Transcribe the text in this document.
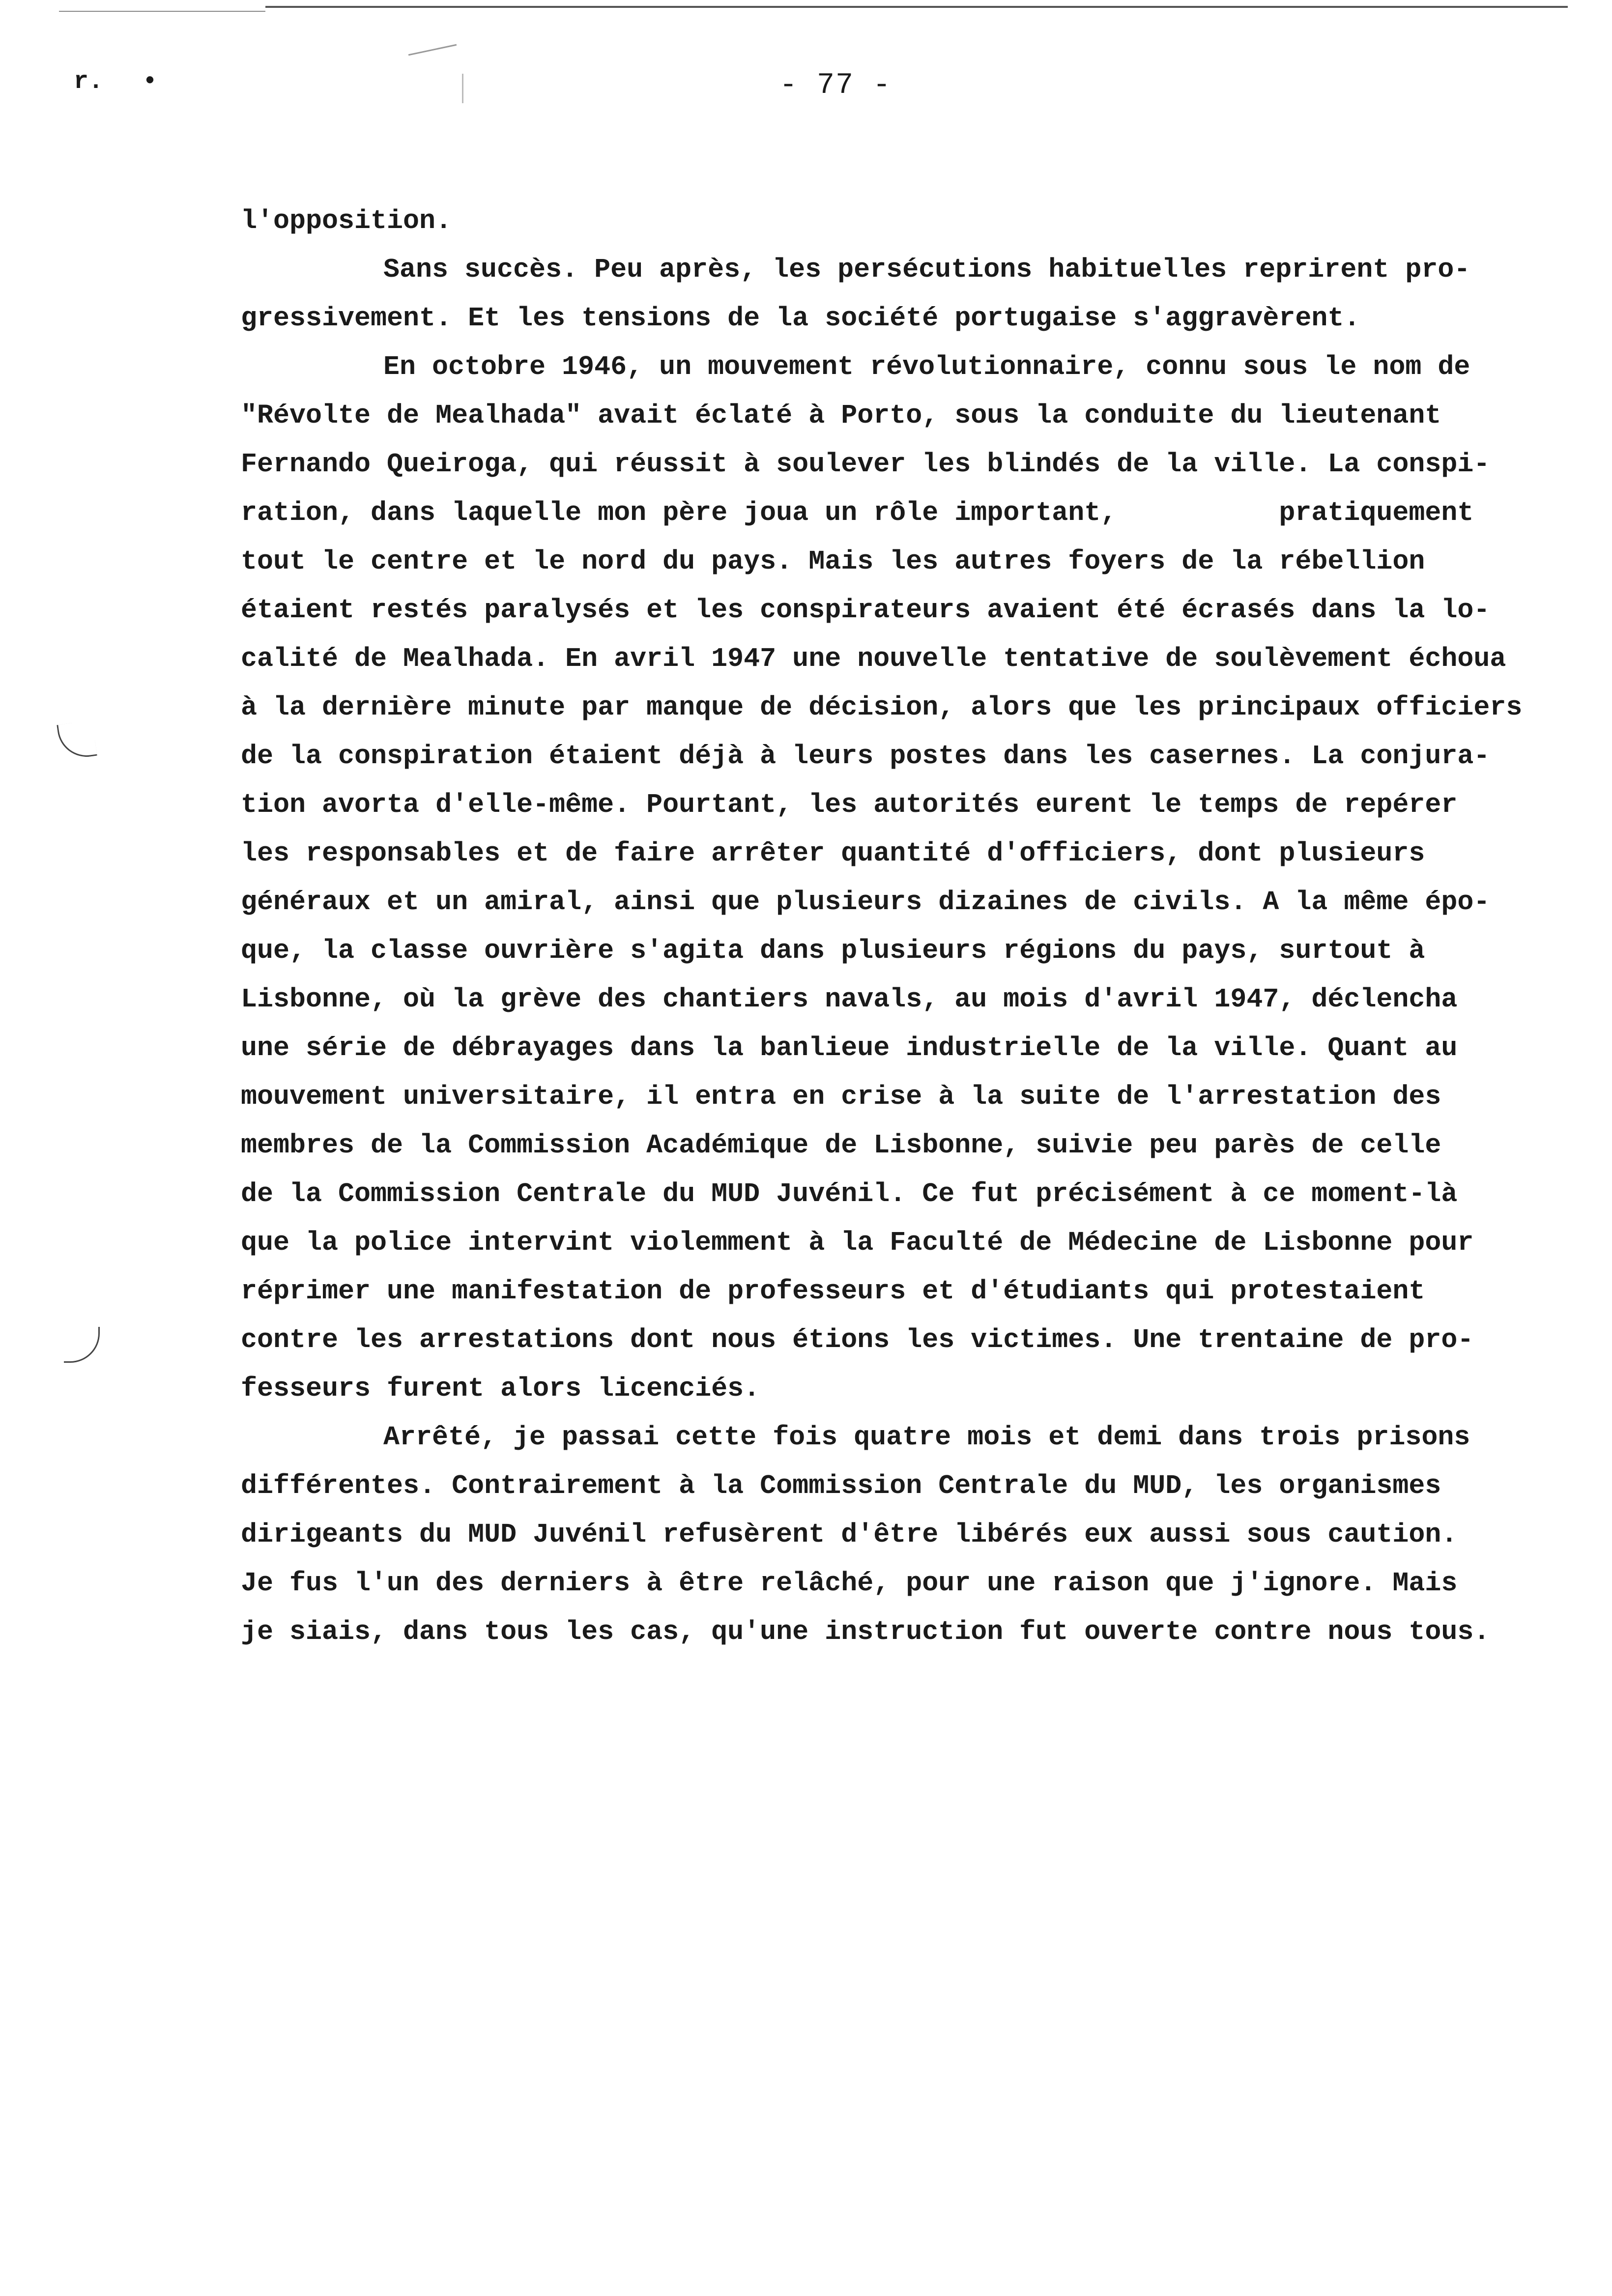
r. •	- 77 -
l'opposition.
Sans succès. Peu après, les persécutions habituelles reprirent pro-
gressivement. Et les tensions de la société portugaise s'aggravèrent.
En octobre 1946, un mouvement révolutionnaire, connu sous le nom de
"Révolte de Mealhada" avait éclaté à Porto, sous la conduite du lieutenant
Fernando Queiroga, qui réussit à soulever les blindés de la ville. La conspi-
ration, dans laquelle mon père joua un rôle important,          pratiquement
tout le centre et le nord du pays. Mais les autres foyers de la rébellion
étaient restés paralysés et les conspirateurs avaient été écrasés dans la lo-
calité de Mealhada. En avril 1947 une nouvelle tentative de soulèvement échoua
à la dernière minute par manque de décision, alors que les principaux officiers
de la conspiration étaient déjà à leurs postes dans les casernes. La conjura-
tion avorta d'elle-même. Pourtant, les autorités eurent le temps de repérer
les responsables et de faire arrêter quantité d'officiers, dont plusieurs
généraux et un amiral, ainsi que plusieurs dizaines de civils. A la même épo-
que, la classe ouvrière s'agita dans plusieurs régions du pays, surtout à
Lisbonne, où la grève des chantiers navals, au mois d'avril 1947, déclencha
une série de débrayages dans la banlieue industrielle de la ville. Quant au
mouvement universitaire, il entra en crise à la suite de l'arrestation des
membres de la Commission Académique de Lisbonne, suivie peu parès de celle
de la Commission Centrale du MUD Juvénil. Ce fut précisément à ce moment-là
que la police intervint violemment à la Faculté de Médecine de Lisbonne pour
réprimer une manifestation de professeurs et d'étudiants qui protestaient
contre les arrestations dont nous étions les victimes. Une trentaine de pro-
fesseurs furent alors licenciés.
Arrêté, je passai cette fois quatre mois et demi dans trois prisons
différentes. Contrairement à la Commission Centrale du MUD, les organismes
dirigeants du MUD Juvénil refusèrent d'être libérés eux aussi sous caution.
Je fus l'un des derniers à être relâché, pour une raison que j'ignore. Mais
je siais, dans tous les cas, qu'une instruction fut ouverte contre nous tous.
